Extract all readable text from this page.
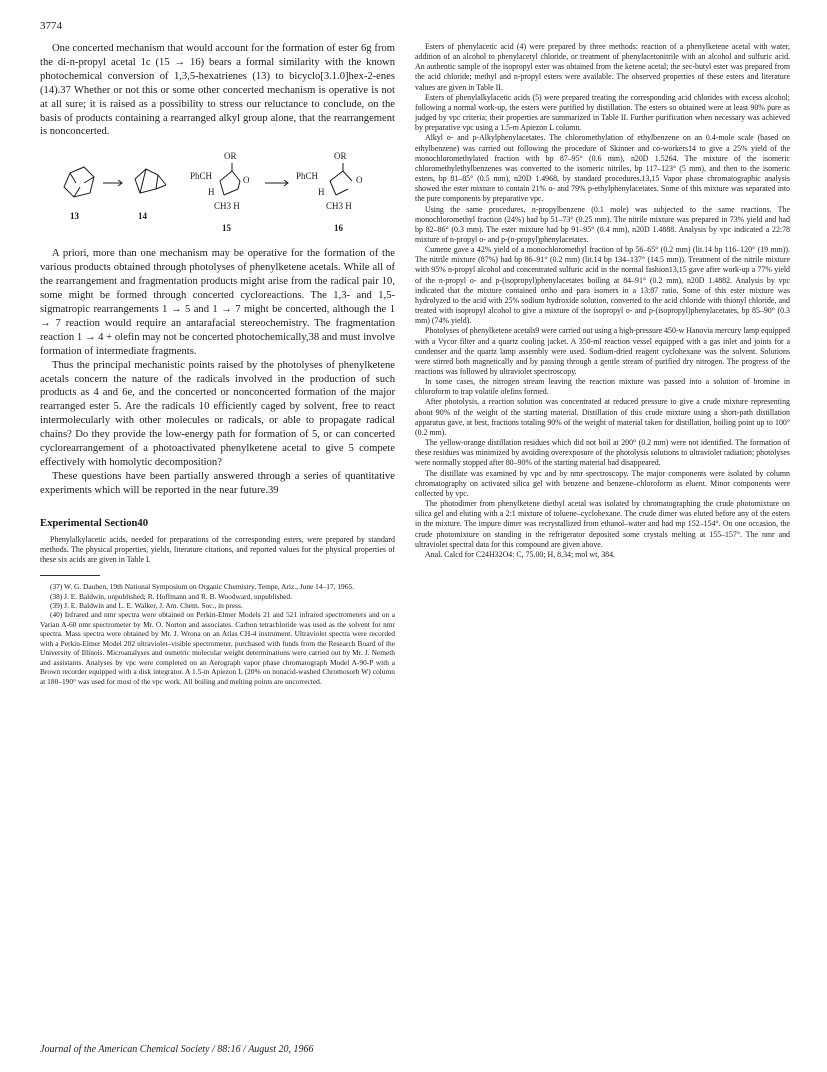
3774

One concerted mechanism that would account for the formation of ester 6g from the di-n-propyl acetal 1c (15 → 16) bears a formal similarity with the known photochemical conversion of 1,3,5-hexatrienes (13) to bicyclo[3.1.0]hex-2-enes (14).37 Whether or not this or some other concerted mechanism is operative is not at all sure; it is raised as a possibility to stress our reluctance to conclude, on the basis of products containing a rearranged alkyl group alone, that the rearrangement is nonconcerted.

13	14
OR
PhCH	O
H
CH3 H
15
OR
PhCH	O
H
CH3 H
16

A priori, more than one mechanism may be operative for the formation of the various products obtained through photolyses of phenylketene acetals. While all of the rearrangement and fragmentation products might arise from the radical pair 10, some might be formed through concerted cycloreactions. The 1,3- and 1,5-sigmatropic rearrangements 1 → 5 and 1 → 7 might be concerted, although the 1 → 7 reaction would require an antarafacial stereochemistry. The fragmentation reaction 1 → 4 + olefin may not be concerted photochemically,38 and must involve formation of intermediate fragments.

Thus the principal mechanistic points raised by the photolyses of phenylketene acetals concern the nature of the radicals involved in the production of such products as 4 and 6e, and the concerted or nonconcerted formation of the major rearranged ester 5. Are the radicals 10 efficiently caged by solvent, free to react intermolecularly with other molecules or radicals, or able to propagate radical chains? Do they provide the low-energy path for formation of 5, or can concerted cyclorearrangement of a photoactivated phenylketene acetal to give 5 compete effectively with homolytic decomposition?

These questions have been partially answered through a series of quantitative experiments which will be reported in the near future.39

Experimental Section40

Phenylalkylacetic acids, needed for preparations of the corresponding esters, were prepared by standard methods. The physical properties, yields, literature citations, and reported values for the physical properties of these six acids are given in Table I.

(37) W. G. Dauben, 19th National Symposium on Organic Chemistry, Tempe, Ariz., June 14–17, 1965.

(38) J. E. Baldwin, unpublished; R. Hoffmann and R. B. Woodward, unpublished.

(39) J. E. Baldwin and L. E. Walker, J. Am. Chem. Soc., in press.

(40) Infrared and nmr spectra were obtained on Perkin-Elmer Models 21 and 521 infrared spectrometers and on a Varian A-60 nmr spectrometer by Mr. O. Norton and associates. Carbon tetrachloride was used as the solvent for nmr spectra. Mass spectra were obtained by Mr. J. Wrona on an Atlas CH-4 instrument. Ultraviolet spectra were recorded with a Perkin-Elmer Model 202 ultraviolet–visible spectrometer, purchased with funds from the Research Board of the University of Illinois. Microanalyses and osmetric molecular weight determinations were carried out by Mr. J. Nemeth and assistants. Analyses by vpc were completed on an Aerograph vapor phase chromatograph Model A-90-P with a Brown recorder equipped with a disk integrator. A 1.5-m Apiezon L (20% on nonacid-washed Chromosorb W) column at 180–190° was used for most of the vpc work. All boiling and melting points are uncorrected.

Esters of phenylacetic acid (4) were prepared by three methods: reaction of a phenylketene acetal with water, addition of an alcohol to phenylacetyl chloride, or treatment of phenylacetonitrile with an alcohol and sulfuric acid. An authentic sample of the isopropyl ester was obtained from the ketene acetal; the sec-butyl ester was prepared from the acid chloride; methyl and n-propyl esters were available. The observed properties of these esters and literature values are given in Table II.

Esters of phenylalkylacetic acids (5) were prepared treating the corresponding acid chlorides with excess alcohol; following a normal work-up, the esters were purified by distillation. The esters so obtained were at least 90% pure as judged by vpc criteria; their properties are summarized in Table II. Further purification when necessary was achieved by preparative vpc using a 1.5-m Apiezon L column.

Alkyl o- and p-Alkylphenylacetates. The chloromethylation of ethylbenzene on an 0.4-mole scale (based on ethylbenzene) was carried out following the procedure of Skinner and co-workers14 to give a 25% yield of the monochloromethylated fraction with bp 87–95° (0.6 mm), n20D 1.5264. The mixture of the isomeric chloromethylethylbenzenes was converted to the isomeric nitriles, bp 117–123° (5 mm), and then to the isomeric esters, bp 81–85° (0.5 mm), n20D 1.4968, by standard procedures.13,15 Vapor phase chromatographic analysis showed the ester mixture to contain 21% o- and 79% p-ethylphenylacetates. Some of this mixture was separated into the pure components by preparative vpc.

Using the same procedures, n-propylbenzene (0.1 mole) was subjected to the same reactions. The monochloromethyl fraction (24%) had bp 51–73° (0.25 mm). The nitrile mixture was prepared in 73% yield and had bp 82–86° (0.3 mm). The ester mixture had bp 91–95° (0.4 mm), n20D 1.4888. Analysis by vpc indicated a 22:78 mixture of n-propyl o- and p-(n-propyl)phenylacetates.

Cumene gave a 42% yield of a monochloromethyl fraction of bp 56–65° (0.2 mm) (lit.14 bp 116–120° (19 mm)). The nitrile mixture (87%) had bp 86–91° (0.2 mm) (lit.14 bp 134–137° (14.5 mm)). Treatment of the nitrile mixture with 95% n-propyl alcohol and concentrated sulfuric acid in the normal fashion13,15 gave after work-up a 77% yield of the n-propyl o- and p-(isopropyl)phenylacetates boiling at 84–91° (0.2 mm), n20D 1.4882. Analysis by vpc indicated that the mixture contained ortho and para isomers in a 13:87 ratio. Some of this ester mixture was hydrolyzed to the acid with 25% sodium hydroxide solution, converted to the acid chloride with thionyl chloride, and treated with isopropyl alcohol to give a mixture of the isopropyl o- and p-(isopropyl)phenylacetates, bp 85–90° (0.3 mm) (74% yield).

Photolyses of phenylketene acetals9 were carried out using a high-pressure 450-w Hanovia mercury lamp equipped with a Vycor filter and a quartz cooling jacket. A 350-ml reaction vessel equipped with a gas inlet and joints for a condenser and the quartz lamp assembly were used. Sodium-dried reagent cyclohexane was the solvent. Solutions were stirred both magnetically and by passing through a gentle stream of purified dry nitrogen. The progress of the reactions was followed by ultraviolet spectroscopy.

In some cases, the nitrogen stream leaving the reaction mixture was passed into a solution of bromine in chloroform to trap volatile olefins formed.

After photolysis, a reaction solution was concentrated at reduced pressure to give a crude mixture representing about 90% of the weight of the starting material. Distillation of this crude mixture using a short-path distillation apparatus gave, at best, fractions totaling 90% of the weight of material taken for distillation, boiling point up to 100° (0.2 mm).

The yellow-orange distillation residues which did not boil at 200° (0.2 mm) were not identified. The formation of these residues was minimized by avoiding overexposure of the photolysis solutions to ultraviolet radiation; photolyses were normally stopped after 80–90% of the starting material had disappeared.

The distillate was examined by vpc and by nmr spectroscopy. The major components were isolated by column chromatography on activated silica gel with benzene and benzene–chloroform as eluent. Minor components were collected by vpc.

The photodimer from phenylketene diethyl acetal was isolated by chromatographing the crude photomixture on silica gel and eluting with a 2:1 mixture of toluene–cyclohexane. The crude dimer was eluted before any of the esters in the mixture. The impure dimer was recrystallized from ethanol–water and had mp 152–154°. On one occasion, the crude photomixture on standing in the refrigerator deposited some crystals melting at 155–157°. The nmr and ultraviolet spectral data for this compound are given above.

Anal. Calcd for C24H32O4: C, 75.00; H, 8.34; mol wt, 384.

Journal of the American Chemical Society / 88:16 / August 20, 1966
